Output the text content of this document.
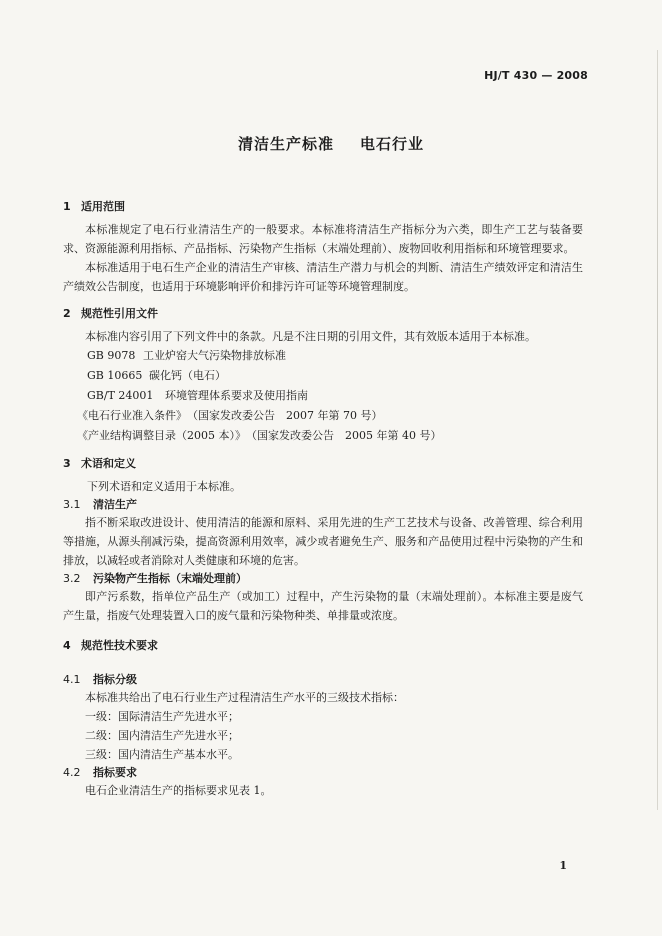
HJ/T 430 — 2008
清洁生产标准 电石行业
1 适用范围
本标准规定了电石行业清洁生产的一般要求。本标准将清洁生产指标分为六类，即生产工艺与装备要求、资源能源利用指标、产品指标、污染物产生指标（末端处理前）、废物回收利用指标和环境管理要求。
本标准适用于电石生产企业的清洁生产审核、清洁生产潜力与机会的判断、清洁生产绩效评定和清洁生产绩效公告制度，也适用于环境影响评价和排污许可证等环境管理制度。
2 规范性引用文件
本标准内容引用了下列文件中的条款。凡是不注日期的引用文件，其有效版本适用于本标准。
GB 9078 工业炉窑大气污染物排放标准
GB 10665 碳化钙（电石）
GB/T 24001 环境管理体系要求及使用指南
《电石行业准入条件》（国家发改委公告　2007 年第 70 号）
《产业结构调整目录（2005 本）》（国家发改委公告　2005 年第 40 号）
3 术语和定义
下列术语和定义适用于本标准。
3.1 清洁生产
指不断采取改进设计、使用清洁的能源和原料、采用先进的生产工艺技术与设备、改善管理、综合利用等措施，从源头削减污染，提高资源利用效率，减少或者避免生产、服务和产品使用过程中污染物的产生和排放，以减轻或者消除对人类健康和环境的危害。
3.2 污染物产生指标（末端处理前）
即产污系数，指单位产品生产（或加工）过程中，产生污染物的量（末端处理前）。本标准主要是废气产生量，指废气处理装置入口的废气量和污染物种类、单排量或浓度。
4 规范性技术要求
4.1 指标分级
本标准共给出了电石行业生产过程清洁生产水平的三级技术指标：
一级：国际清洁生产先进水平；
二级：国内清洁生产先进水平；
三级：国内清洁生产基本水平。
4.2 指标要求
电石企业清洁生产的指标要求见表 1。
1
